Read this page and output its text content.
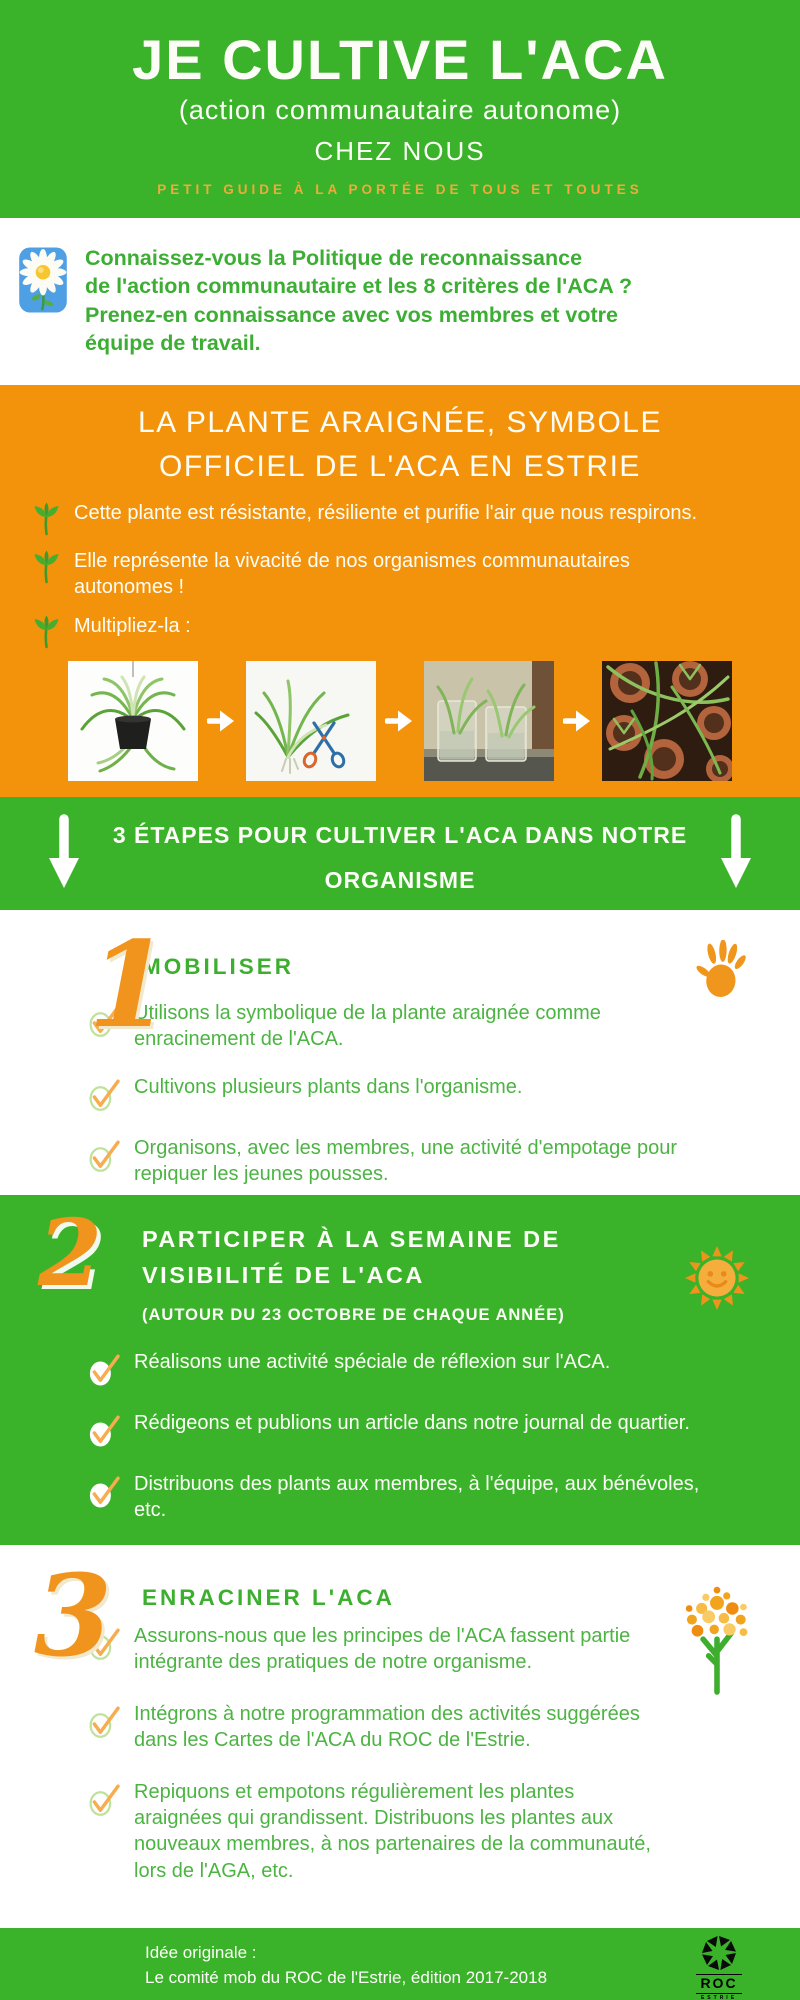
JE CULTIVE L'ACA
(action communautaire autonome)
CHEZ NOUS
PETIT GUIDE À LA PORTÉE DE TOUS ET TOUTES
Connaissez-vous la Politique de reconnaissance
de l'action communautaire et les 8 critères de l'ACA ?
Prenez-en connaissance avec vos membres et votre
équipe de travail.
LA PLANTE ARAIGNÉE, SYMBOLE
OFFICIEL DE L'ACA EN ESTRIE
Cette plante est résistante, résiliente et purifie l'air que nous respirons.
Elle représente la vivacité de nos organismes communautaires autonomes !
Multipliez-la :
3 ÉTAPES POUR CULTIVER L'ACA DANS NOTRE
ORGANISME
1
MOBILISER
Utilisons la symbolique de la plante araignée comme enracinement de l'ACA.
Cultivons plusieurs plants dans l'organisme.
Organisons, avec les membres, une activité d'empotage pour repiquer les jeunes pousses.
2 PARTICIPER À LA SEMAINE DE
VISIBILITÉ DE L'ACA
(AUTOUR DU 23 OCTOBRE DE CHAQUE ANNÉE)
Réalisons une activité spéciale de réflexion sur l'ACA.
Rédigeons et publions un article dans notre journal de quartier.
Distribuons des plants aux membres, à l'équipe, aux bénévoles, etc.
3 ENRACINER L'ACA
Assurons-nous que les principes de l'ACA fassent partie intégrante des pratiques de notre organisme.
Intégrons à notre programmation des activités suggérées dans les Cartes de l'ACA du ROC de l'Estrie.
Repiquons et empotons régulièrement les plantes araignées qui grandissent. Distribuons les plantes aux nouveaux membres, à nos partenaires de la communauté, lors de l'AGA, etc.
Idée originale :
Le comité mob du ROC de l'Estrie, édition 2017-2018	ROC
ESTRIE
